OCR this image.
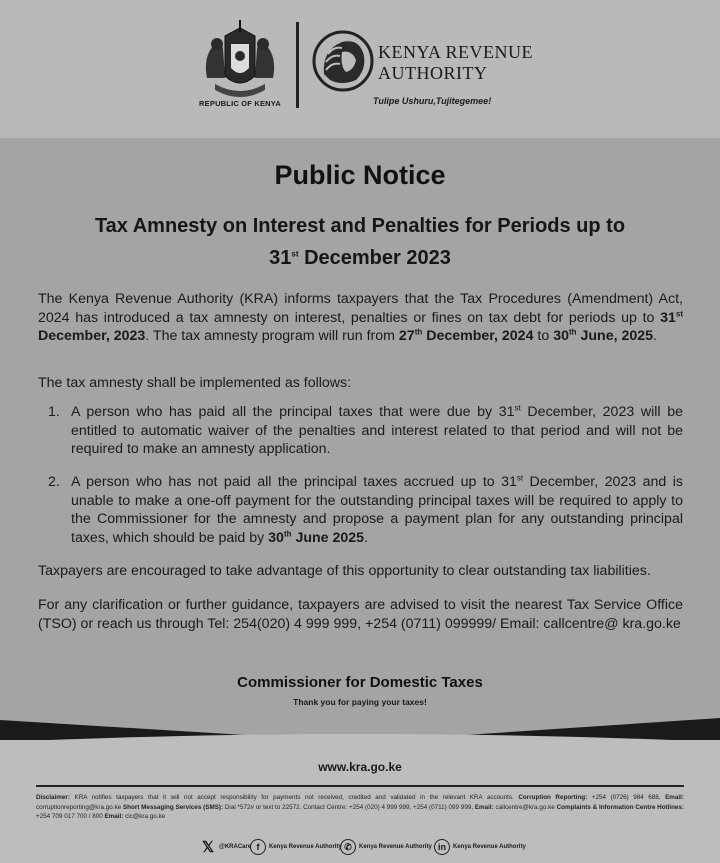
REPUBLIC OF KENYA
KENYA REVENUE
AUTHORITY
Tulipe Ushuru,Tujitegemee!
Public Notice
Tax Amnesty on Interest and Penalties for Periods up to
31st December 2023
The Kenya Revenue Authority (KRA) informs taxpayers that the Tax Procedures (Amendment) Act, 2024 has introduced a tax amnesty on interest, penalties or fines on tax debt for periods up to 31st December, 2023. The tax amnesty program will run from 27th December, 2024 to 30th June, 2025.
The tax amnesty shall be implemented as follows:
1. A person who has paid all the principal taxes that were due by 31st December, 2023 will be entitled to automatic waiver of the penalties and interest related to that period and will not be required to make an amnesty application.
2. A person who has not paid all the principal taxes accrued up to 31st December, 2023 and is unable to make a one-off payment for the outstanding principal taxes will be required to apply to the Commissioner for the amnesty and propose a payment plan for any outstanding principal taxes, which should be paid by 30th June 2025.
Taxpayers are encouraged to take advantage of this opportunity to clear outstanding tax liabilities.
For any clarification or further guidance, taxpayers are advised to visit the nearest Tax Service Office (TSO) or reach us through Tel: 254(020) 4 999 999, +254 (0711) 099999/ Email: callcentre@ kra.go.ke
Commissioner for Domestic Taxes
Thank you for paying your taxes!
www.kra.go.ke
Disclaimer: KRA notifies taxpayers that it will not accept responsibility for payments not received, credited and validated in the relevant KRA accounts. Corruption Reporting: +254 (0726) 984 688, Email: corruptionreporting@kra.go.ke Short Messaging Services (SMS): Dial *572# or text to 22572. Contact Centre: +254 (020) 4 999 999, +254 (0711) 099 999, Email: callcentre@kra.go.ke Complaints & Information Centre Hotlines: +254 709 017 700 / 800 Email: cic@kra.go.ke
𝕏 @KRACare f	Kenya Revenue Authority ✆	Kenya Revenue Authority in	Kenya Revenue Authority
